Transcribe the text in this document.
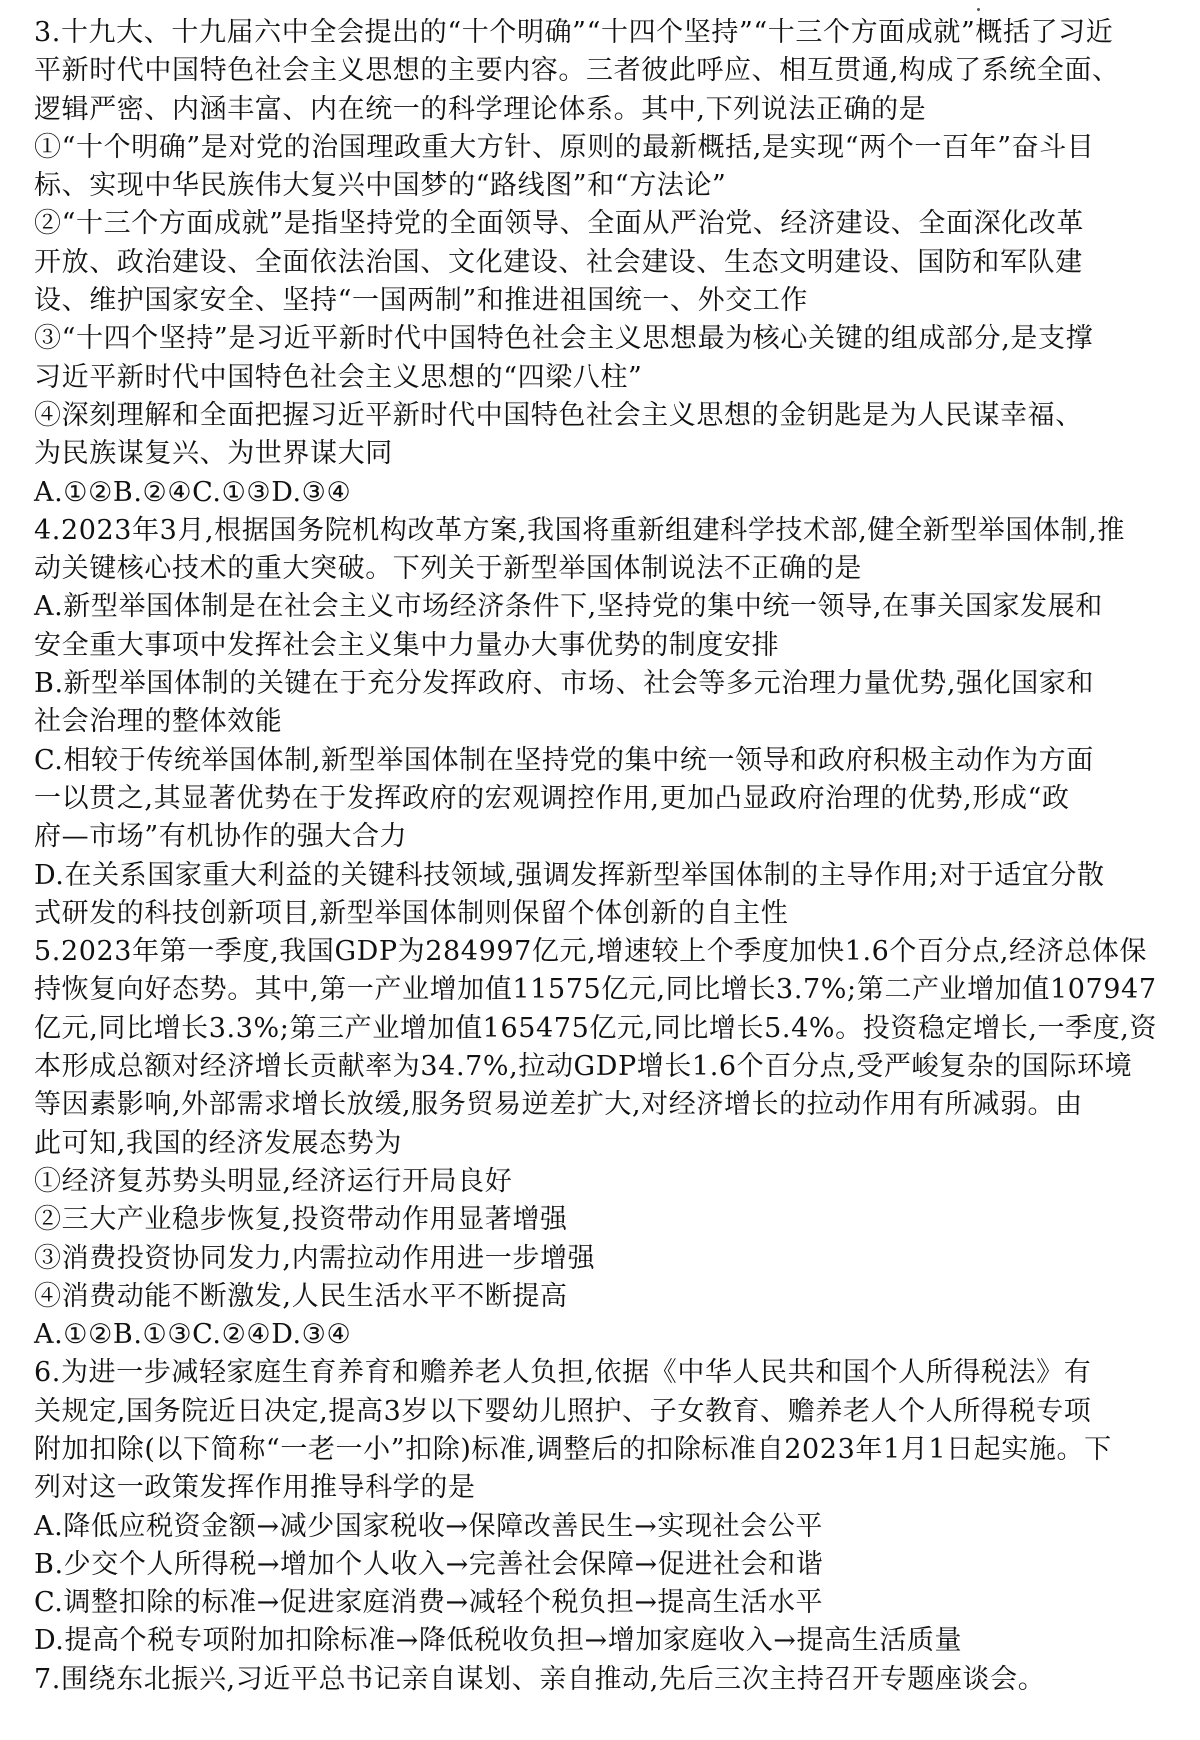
3.十九大、十九届六中全会提出的“十个明确”“十四个坚持”“十三个方面成就”概括了习近
平新时代中国特色社会主义思想的主要内容。三者彼此呼应、相互贯通,构成了系统全面、
逻辑严密、内涵丰富、内在统一的科学理论体系。其中,下列说法正确的是
①“十个明确”是对党的治国理政重大方针、原则的最新概括,是实现“两个一百年”奋斗目
标、实现中华民族伟大复兴中国梦的“路线图”和“方法论”
②“十三个方面成就”是指坚持党的全面领导、全面从严治党、经济建设、全面深化改革
开放、政治建设、全面依法治国、文化建设、社会建设、生态文明建设、国防和军队建
设、维护国家安全、坚持“一国两制”和推进祖国统一、外交工作
③“十四个坚持”是习近平新时代中国特色社会主义思想最为核心关键的组成部分,是支撑
习近平新时代中国特色社会主义思想的“四梁八柱”
④深刻理解和全面把握习近平新时代中国特色社会主义思想的金钥匙是为人民谋幸福、
为民族谋复兴、为世界谋大同
A.①②B.②④C.①③D.③④
4.2023年3月,根据国务院机构改革方案,我国将重新组建科学技术部,健全新型举国体制,推
动关键核心技术的重大突破。下列关于新型举国体制说法不正确的是
A.新型举国体制是在社会主义市场经济条件下,坚持党的集中统一领导,在事关国家发展和
安全重大事项中发挥社会主义集中力量办大事优势的制度安排
B.新型举国体制的关键在于充分发挥政府、市场、社会等多元治理力量优势,强化国家和
社会治理的整体效能
C.相较于传统举国体制,新型举国体制在坚持党的集中统一领导和政府积极主动作为方面
一以贯之,其显著优势在于发挥政府的宏观调控作用,更加凸显政府治理的优势,形成“政
府—市场”有机协作的强大合力
D.在关系国家重大利益的关键科技领域,强调发挥新型举国体制的主导作用;对于适宜分散
式研发的科技创新项目,新型举国体制则保留个体创新的自主性
5.2023年第一季度,我国GDP为284997亿元,增速较上个季度加快1.6个百分点,经济总体保
持恢复向好态势。其中,第一产业增加值11575亿元,同比增长3.7%;第二产业增加值107947
亿元,同比增长3.3%;第三产业增加值165475亿元,同比增长5.4%。投资稳定增长,一季度,资
本形成总额对经济增长贡献率为34.7%,拉动GDP增长1.6个百分点,受严峻复杂的国际环境
等因素影响,外部需求增长放缓,服务贸易逆差扩大,对经济增长的拉动作用有所减弱。由
此可知,我国的经济发展态势为
①经济复苏势头明显,经济运行开局良好
②三大产业稳步恢复,投资带动作用显著增强
③消费投资协同发力,内需拉动作用进一步增强
④消费动能不断激发,人民生活水平不断提高
A.①②B.①③C.②④D.③④
6.为进一步减轻家庭生育养育和赡养老人负担,依据《中华人民共和国个人所得税法》有
关规定,国务院近日决定,提高3岁以下婴幼儿照护、子女教育、赡养老人个人所得税专项
附加扣除(以下简称“一老一小”扣除)标准,调整后的扣除标准自2023年1月1日起实施。下
列对这一政策发挥作用推导科学的是
A.降低应税资金额→减少国家税收→保障改善民生→实现社会公平
B.少交个人所得税→增加个人收入→完善社会保障→促进社会和谐
C.调整扣除的标准→促进家庭消费→减轻个税负担→提高生活水平
D.提高个税专项附加扣除标准→降低税收负担→增加家庭收入→提高生活质量
7.围绕东北振兴,习近平总书记亲自谋划、亲自推动,先后三次主持召开专题座谈会。
